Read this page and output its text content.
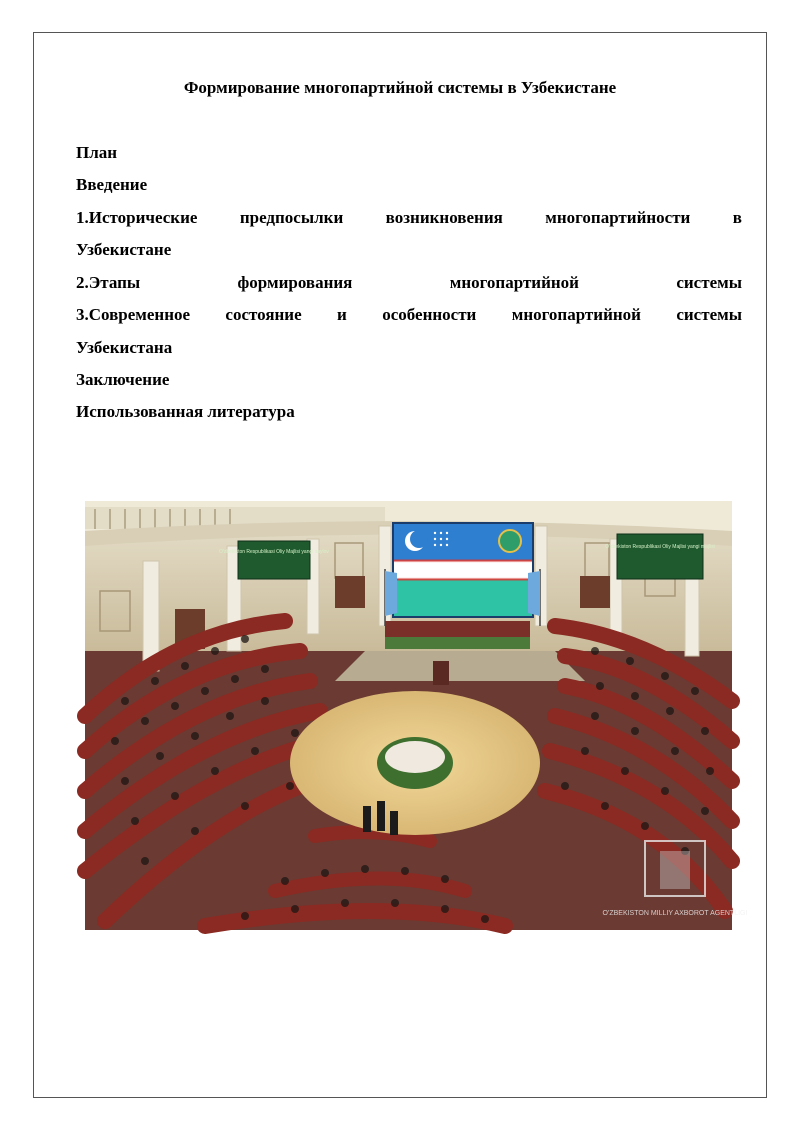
Формирование многопартийной системы в Узбекистане
План
Введение
1.Исторические предпосылки возникновения многопартийности в
Узбекистане
2.Этапы	формирования	многопартийной	системы
3.Современное состояние и особенности многопартийной системы
Узбекистана
Заключение
Использованная литература
O'zbekiston Respublikasi Oliy Majlisi yangi saylov
O'zbekiston Respublikasi Oliy Majlisi yangi majlisi
O'ZBEKISTON MILLIY AXBOROT AGENTLIGI
